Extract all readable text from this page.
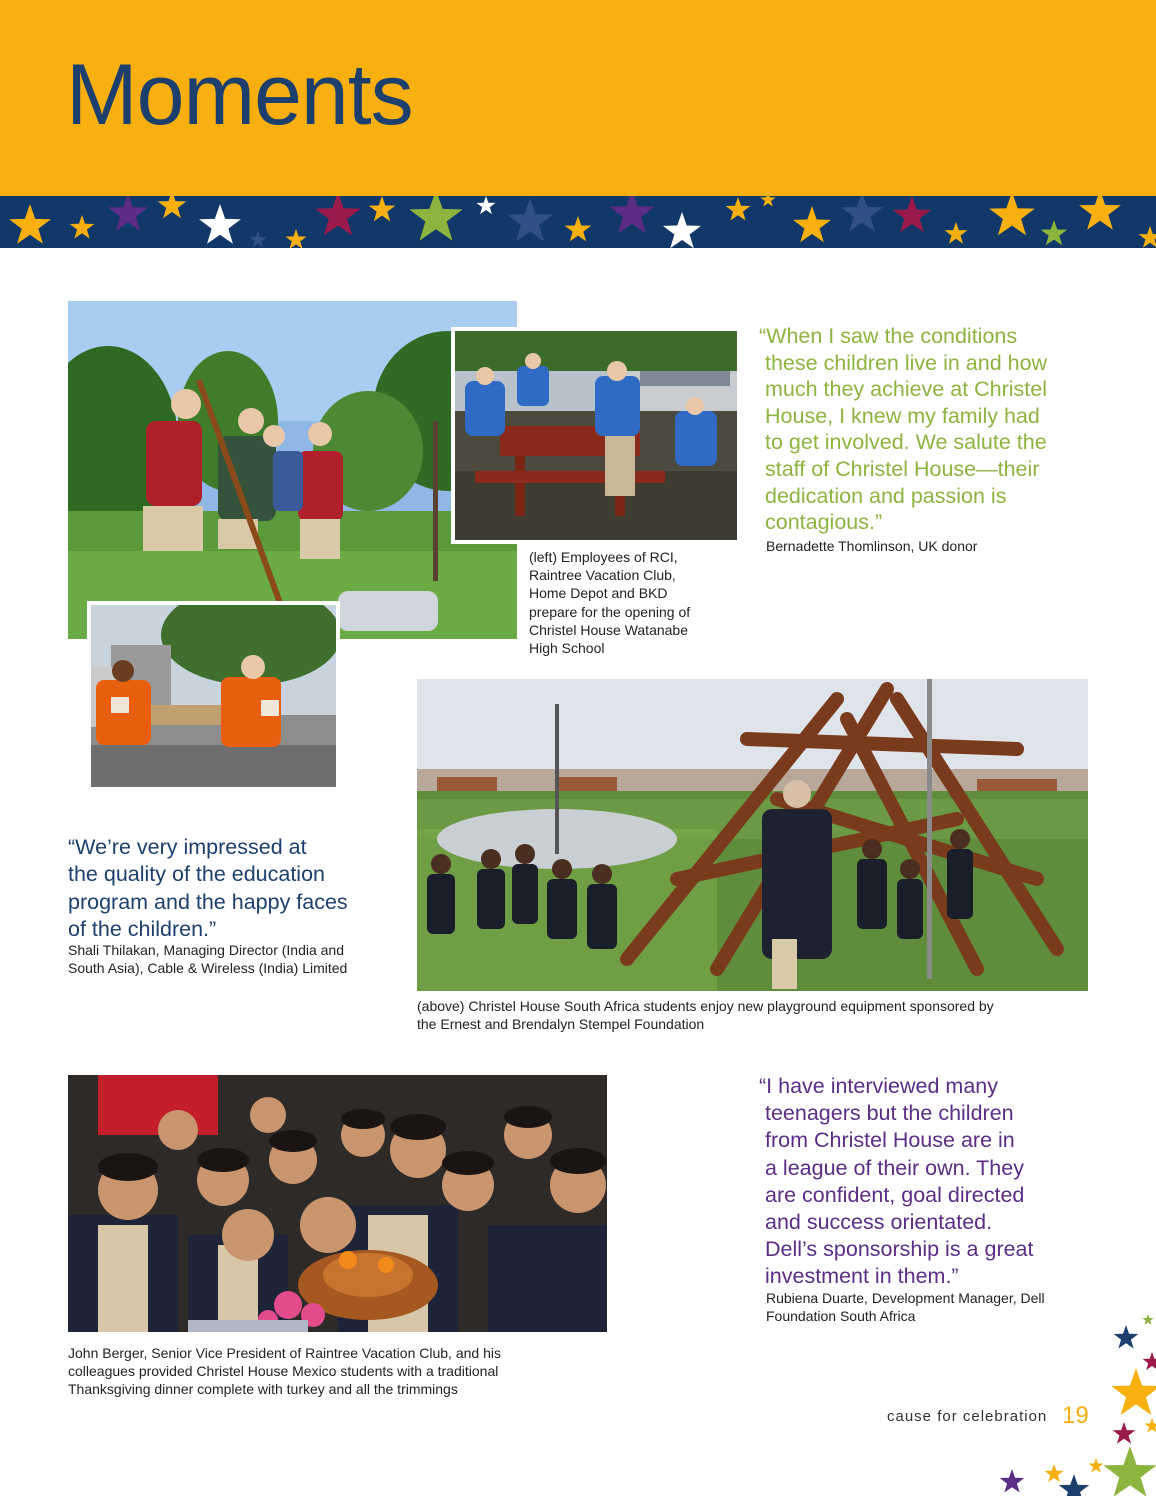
Moments
“When I saw the conditions
these children live in and how
much they achieve at Christel
House, I knew my family had
to get involved. We salute the
staff of Christel House—their
dedication and passion is
contagious.”
Bernadette Thomlinson, UK donor
(left) Employees of RCI,
Raintree Vacation Club,
Home Depot and BKD
prepare for the opening of
Christel House Watanabe
High School
“We’re very impressed at
the quality of the education
program and the happy faces
of the children.”
Shali Thilakan, Managing Director (India and
South Asia), Cable & Wireless (India) Limited
(above) Christel House South Africa students enjoy new playground equipment sponsored by
the Ernest and Brendalyn Stempel Foundation
John Berger, Senior Vice President of Raintree Vacation Club, and his
colleagues provided Christel House Mexico students with a traditional
Thanksgiving dinner complete with turkey and all the trimmings
“I have interviewed many
teenagers but the children
from Christel House are in
a league of their own. They
are confident, goal directed
and success orientated.
Dell’s sponsorship is a great
investment in them.”
Rubiena Duarte, Development Manager, Dell
Foundation South Africa
cause for celebration 19
